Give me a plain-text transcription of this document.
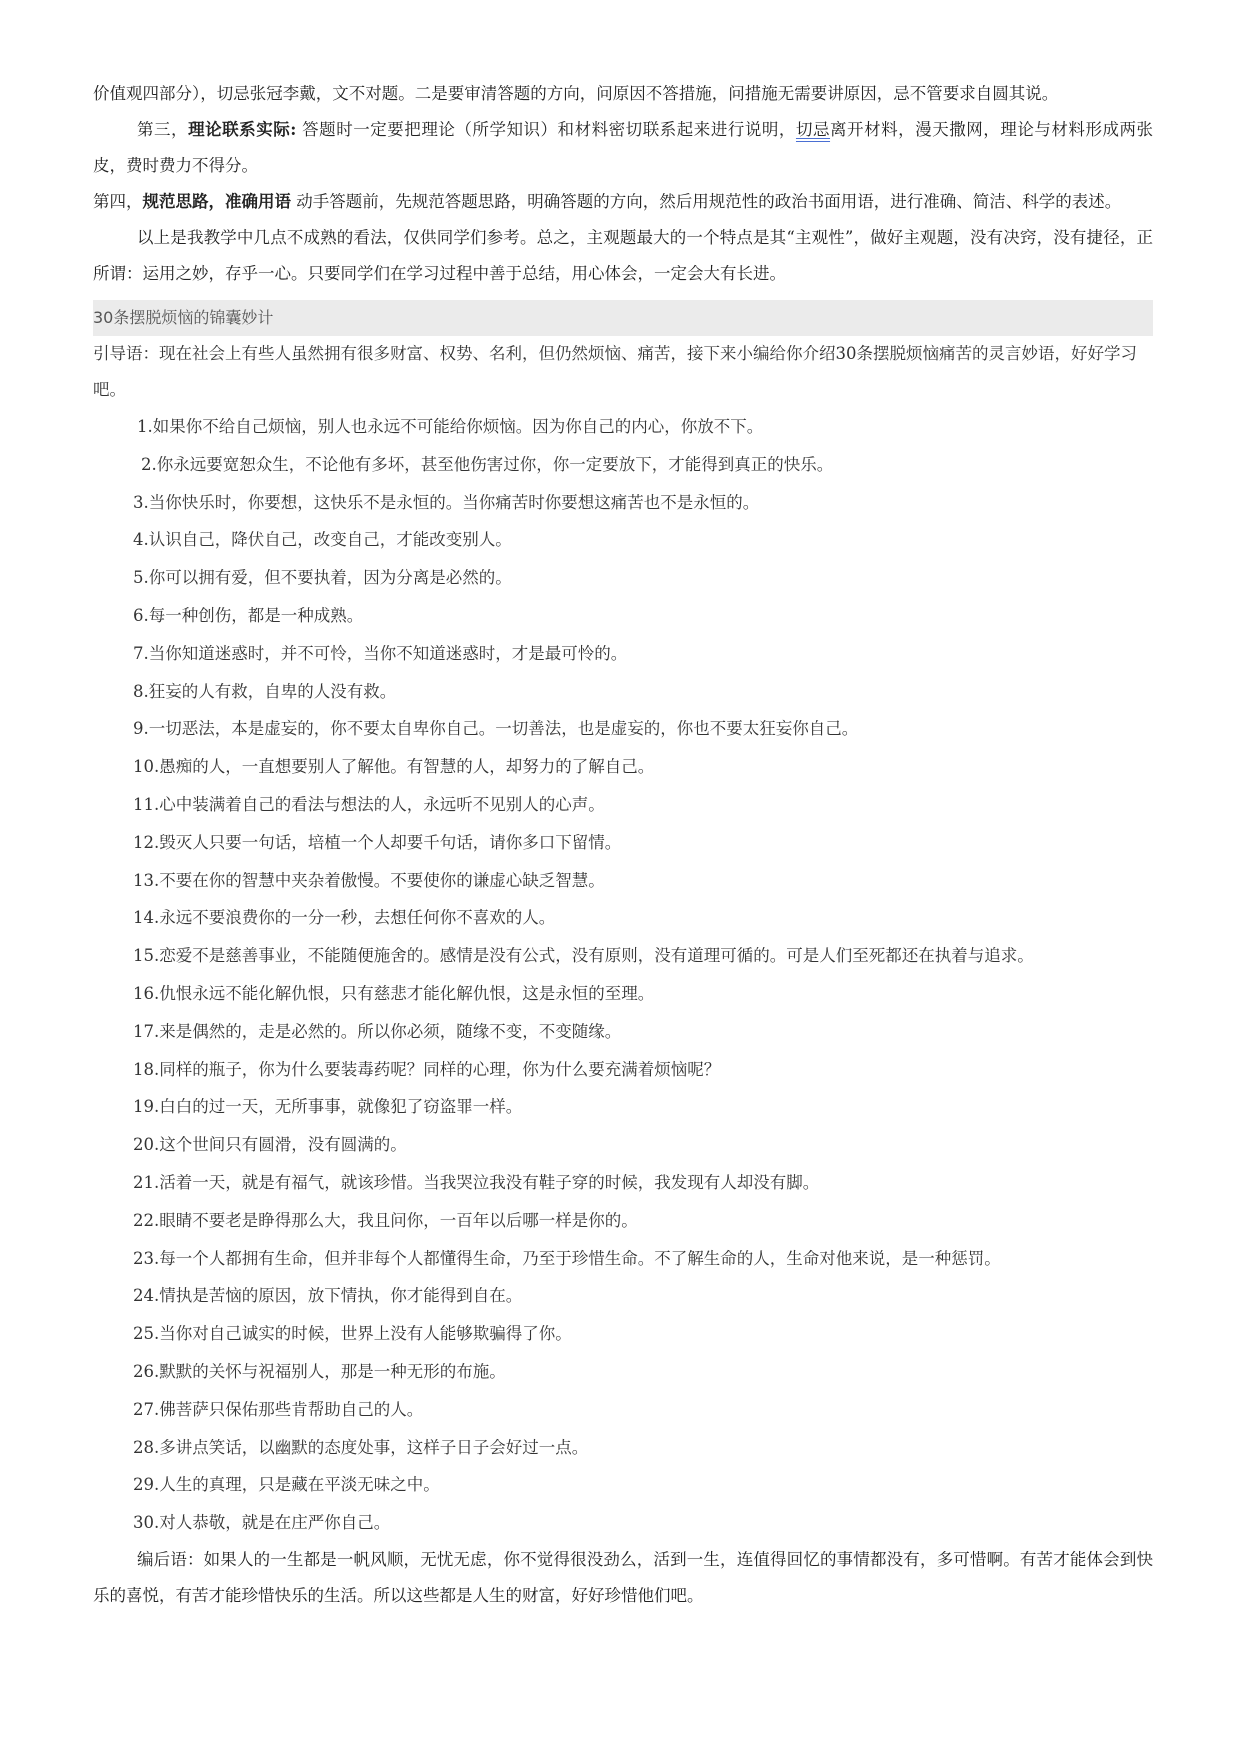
价值观四部分），切忌张冠李戴，文不对题。二是要审清答题的方向，问原因不答措施，问措施无需要讲原因，忌不管要求自圆其说。

第三，理论联系实际: 答题时一定要把理论（所学知识）和材料密切联系起来进行说明，切忌离开材料，漫天撒网，理论与材料形成两张皮，费时费力不得分。

第四，规范思路，准确用语 动手答题前，先规范答题思路，明确答题的方向，然后用规范性的政治书面用语，进行准确、简洁、科学的表述。

以上是我教学中几点不成熟的看法，仅供同学们参考。总之，主观题最大的一个特点是其“主观性”，做好主观题，没有决窍，没有捷径，正所谓：运用之妙，存乎一心。只要同学们在学习过程中善于总结，用心体会，一定会大有长进。

30条摆脱烦恼的锦囊妙计

引导语：现在社会上有些人虽然拥有很多财富、权势、名利，但仍然烦恼、痛苦，接下来小编给你介绍30条摆脱烦恼痛苦的灵言妙语，好好学习吧。

1.如果你不给自己烦恼，别人也永远不可能给你烦恼。因为你自己的内心，你放不下。
2.你永远要宽恕众生，不论他有多坏，甚至他伤害过你，你一定要放下，才能得到真正的快乐。
3.当你快乐时，你要想，这快乐不是永恒的。当你痛苦时你要想这痛苦也不是永恒的。
4.认识自己，降伏自己，改变自己，才能改变别人。
5.你可以拥有爱，但不要执着，因为分离是必然的。
6.每一种创伤，都是一种成熟。
7.当你知道迷惑时，并不可怜，当你不知道迷惑时，才是最可怜的。
8.狂妄的人有救，自卑的人没有救。
9.一切恶法，本是虚妄的，你不要太自卑你自己。一切善法，也是虚妄的，你也不要太狂妄你自己。
10.愚痴的人，一直想要别人了解他。有智慧的人，却努力的了解自己。
11.心中装满着自己的看法与想法的人，永远听不见别人的心声。
12.毁灭人只要一句话，培植一个人却要千句话，请你多口下留情。
13.不要在你的智慧中夹杂着傲慢。不要使你的谦虚心缺乏智慧。
14.永远不要浪费你的一分一秒，去想任何你不喜欢的人。
15.恋爱不是慈善事业，不能随便施舍的。感情是没有公式，没有原则，没有道理可循的。可是人们至死都还在执着与追求。
16.仇恨永远不能化解仇恨，只有慈悲才能化解仇恨，这是永恒的至理。
17.来是偶然的，走是必然的。所以你必须，随缘不变，不变随缘。
18.同样的瓶子，你为什么要装毒药呢？同样的心理，你为什么要充满着烦恼呢？
19.白白的过一天，无所事事，就像犯了窃盗罪一样。
20.这个世间只有圆滑，没有圆满的。
21.活着一天，就是有福气，就该珍惜。当我哭泣我没有鞋子穿的时候，我发现有人却没有脚。
22.眼睛不要老是睁得那么大，我且问你，一百年以后哪一样是你的。
23.每一个人都拥有生命，但并非每个人都懂得生命，乃至于珍惜生命。不了解生命的人，生命对他来说，是一种惩罚。
24.情执是苦恼的原因，放下情执，你才能得到自在。
25.当你对自己诚实的时候，世界上没有人能够欺骗得了你。
26.默默的关怀与祝福别人，那是一种无形的布施。
27.佛菩萨只保佑那些肯帮助自己的人。
28.多讲点笑话，以幽默的态度处事，这样子日子会好过一点。
29.人生的真理，只是藏在平淡无味之中。
30.对人恭敬，就是在庄严你自己。

编后语：如果人的一生都是一帆风顺，无忧无虑，你不觉得很没劲么，活到一生，连值得回忆的事情都没有，多可惜啊。有苦才能体会到快乐的喜悦，有苦才能珍惜快乐的生活。所以这些都是人生的财富，好好珍惜他们吧。
